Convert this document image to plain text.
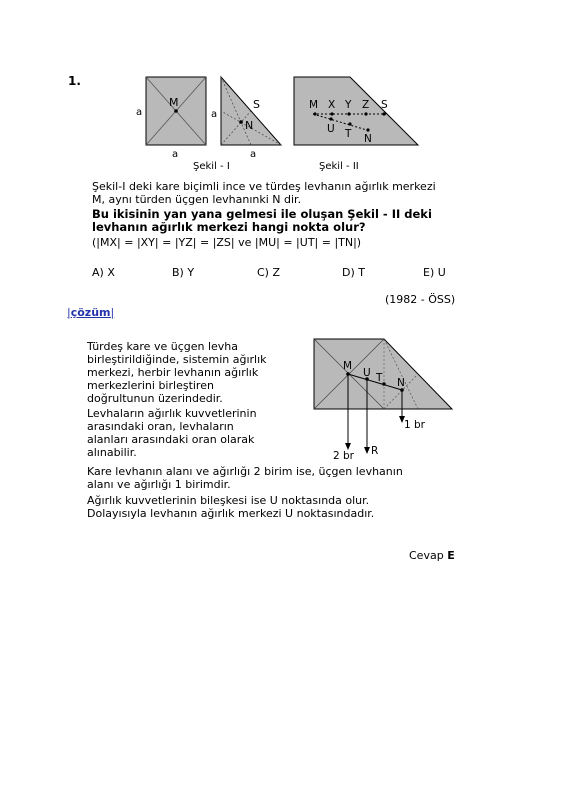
1.
M
a
a
N
S
a
a
Şekil - I
M X Y Z S
U T N
Şekil - II
Şekil-I deki kare biçimli ince ve türdeş levhanın ağırlık merkezi
M, aynı türden üçgen levhanınki N dir.
Bu ikisinin yan yana gelmesi ile oluşan Şekil - II deki
levhanın ağırlık merkezi hangi nokta olur?
(|MX| = |XY| = |YZ| = |ZS| ve |MU| = |UT| = |TN|)
A) X	B) Y	C) Z	D) T	E) U
(1982 - ÖSS)
|çözüm|
Türdeş kare ve üçgen levha
birleştirildiğinde, sistemin ağırlık
merkezi, herbir levhanın ağırlık
merkezlerini birleştiren
doğrultunun üzerindedir.
Levhaların ağırlık kuvvetlerinin
arasındaki oran, levhaların
alanları arasındaki oran olarak
alınabilir.
M
U T N
2 br R
1 br
Kare levhanın alanı ve ağırlığı 2 birim ise, üçgen levhanın
alanı ve ağırlığı 1 birimdir.
Ağırlık kuvvetlerinin bileşkesi ise U noktasında olur.
Dolayısıyla levhanın ağırlık merkezi U noktasındadır.
Cevap E
